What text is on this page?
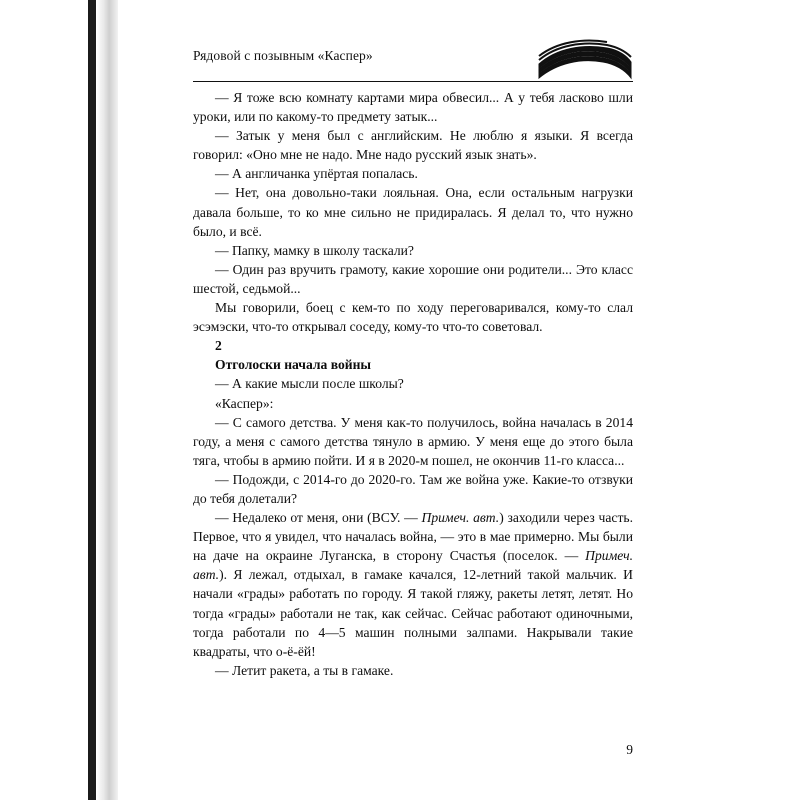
Рядовой с позывным «Каспер»

— Я тоже всю комнату картами мира обвесил... А у тебя ласково шли уроки, или по какому-то предмету затык...

— Затык у меня был с английским. Не люблю я языки. Я всегда говорил: «Оно мне не надо. Мне надо русский язык знать».

— А англичанка упёртая попалась.

— Нет, она довольно-таки лояльная. Она, если остальным нагрузки давала больше, то ко мне сильно не придиралась. Я делал то, что нужно было, и всё.

— Папку, мамку в школу таскали?

— Один раз вручить грамоту, какие хорошие они родители... Это класс шестой, седьмой...

Мы говорили, боец с кем-то по ходу переговаривался, кому-то слал эсэмэски, что-то открывал соседу, кому-то что-то советовал.

2

Отголоски начала войны

— А какие мысли после школы?

«Каспер»:

— С самого детства. У меня как-то получилось, война началась в 2014 году, а меня с самого детства тянуло в армию. У меня еще до этого была тяга, чтобы в армию пойти. И я в 2020-м пошел, не окончив 11-го класса...

— Подожди, с 2014-го до 2020-го. Там же война уже. Какие-то отзвуки до тебя долетали?

— Недалеко от меня, они (ВСУ. — Примеч. авт.) заходили через часть. Первое, что я увидел, что началась война, — это в мае примерно. Мы были на даче на окраине Луганска, в сторону Счастья (поселок. — Примеч. авт.). Я лежал, отдыхал, в гамаке качался, 12-летний такой мальчик. И начали «грады» работать по городу. Я такой гляжу, ракеты летят, летят. Но тогда «грады» работали не так, как сейчас. Сейчас работают одиночными, тогда работали по 4—5 машин полными залпами. Накрывали такие квадраты, что о-ё-ёй!

— Летит ракета, а ты в гамаке.

9
